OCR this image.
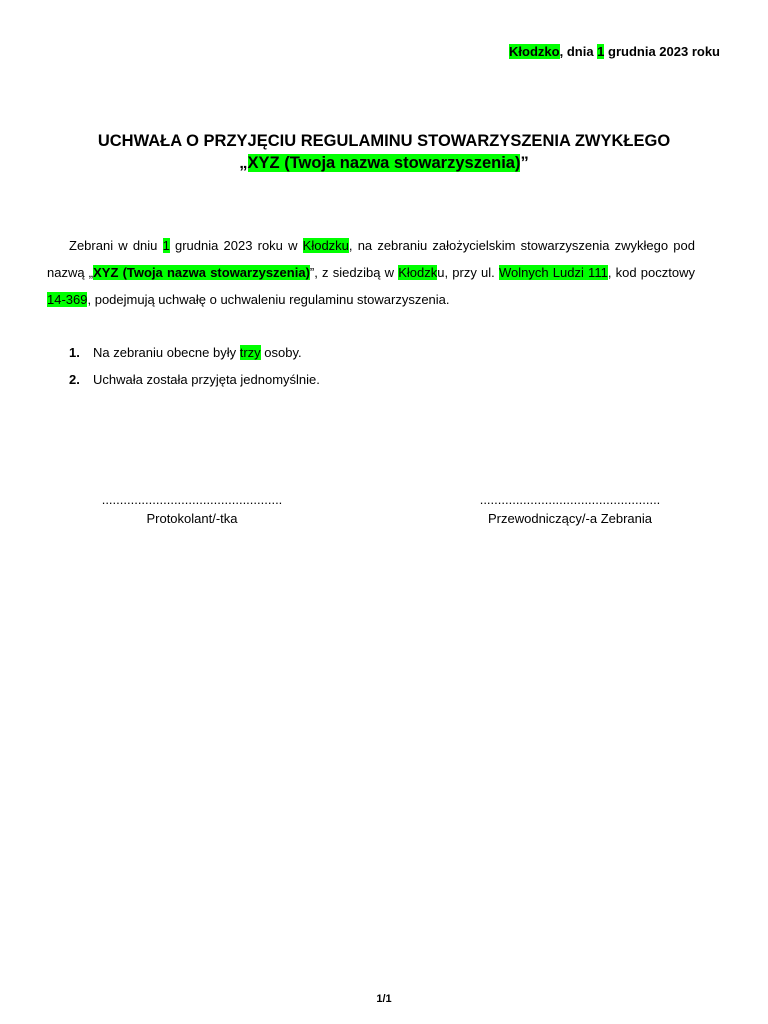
Kłodzko, dnia 1 grudnia 2023 roku
UCHWAŁA O PRZYJĘCIU REGULAMINU STOWARZYSZENIA ZWYKŁEGO
„XYZ (Twoja nazwa stowarzyszenia)”
Zebrani w dniu 1 grudnia 2023 roku w Kłodzku, na zebraniu założycielskim stowarzyszenia zwykłego pod nazwą „XYZ (Twoja nazwa stowarzyszenia)”, z siedzibą w Kłodzku, przy ul. Wolnych Ludzi 111, kod pocztowy 14-369, podejmują uchwałę o uchwaleniu regulaminu stowarzyszenia.
1. Na zebraniu obecne były trzy osoby.
2. Uchwała została przyjęta jednomyślnie.
..................................................
Protokolant/-tka
..................................................
Przewodniczący/-a Zebrania
1/1
